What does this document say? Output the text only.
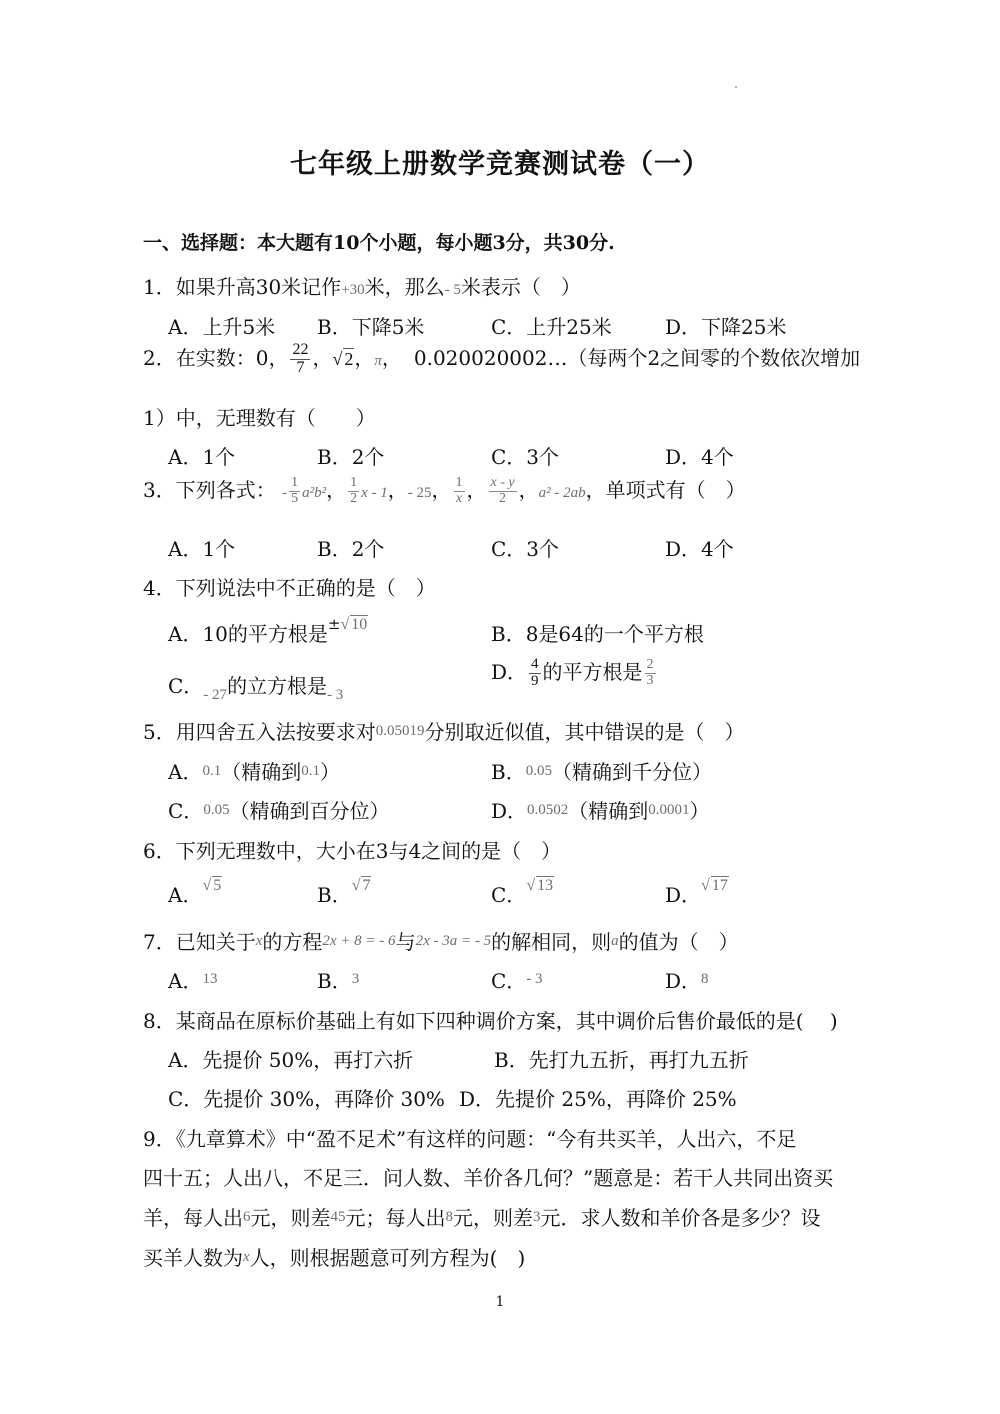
七年级上册数学竞赛测试卷（一）
一、选择题：本大题有10个小题，每小题3分，共30分.
1．如果升高30米记作+30米，那么- 5米表示（　）
A．上升5米 B．下降5米	C．上升25米	D．下降25米
2．在实数：0， $\frac{22}{7}$ ，√ 2，π， 0.020020002…（每两个2之间零的个数依次增加
1）中，无理数有（　　）
A．1个	B．2个	C．3个	D．4个
3．下列各式： - $\frac{1}{5} a^2b^2$， $\frac{1}{2}$ x - 1，- 25， $\frac{1}{x}$ ， $\frac{x - y}{2}$ ，a² - 2ab，单项式有（　）
A．1个	B．2个	C．3个	D．4个
4．下列说法中不正确的是（　）
A．10的平方根是$^{\pm√ 10}$	B．8是64的一个平方根
C．$_{- 27}$的立方根是$_{- 3}$
D． $\frac{4}{9}$ 的平方根是 $\frac{2}{3}$
5．用四舍五入法按要求对$^{0.05019}$分别取近似值，其中错误的是（　）
A．$^{0.1}$（精确到$^{0.1}$）	B．$^{0.05}$（精确到千分位）
C．$^{0.05}$（精确到百分位）	D．$^{0.0502}$（精确到$^{0.0001}$）
6．下列无理数中，大小在3与4之间的是（　）
A．√ 5	B．√ 7	C．√ 13	D．√ 17
7．已知关于$^x$的方程$^{2x + 8 = - 6}$与$^{2x - 3a = - 5}$的解相同，则$^a$的值为（　）
A．$^{13}$	B．$^3$	C．$^{- 3}$	D．$^8$
8．某商品在原标价基础上有如下四种调价方案，其中调价后售价最低的是(　 )
A．先提价 50%，再打六折	B．先打九五折，再打九五折
C．先提价 30%，再降价 30% D．先提价 25%，再降价 25%
9．《九章算术》中“盈不足术”有这样的问题：“今有共买羊，人出六，不足
四十五；人出八，不足三．问人数、羊价各几何？”题意是：若干人共同出资买
羊，每人出$^6$元，则差$^{45}$元；每人出$^8$元，则差$^3$元．求人数和羊价各是多少？设
买羊人数为$^x$人，则根据题意可列方程为(　)
1
